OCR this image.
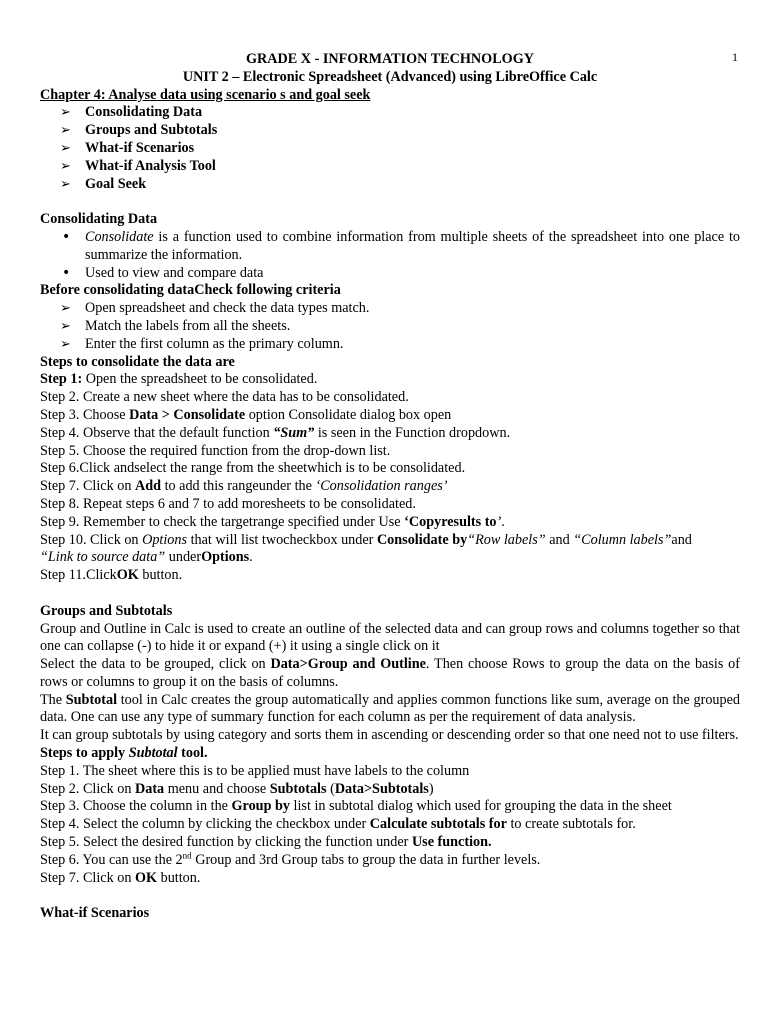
1
GRADE X - INFORMATION TECHNOLOGY
UNIT 2 – Electronic Spreadsheet (Advanced) using LibreOffice Calc
Chapter 4: Analyse data using scenario s and goal seek
➢ Consolidating Data
➢ Groups and Subtotals
➢ What-if Scenarios
➢ What-if Analysis Tool
➢ Goal Seek
Consolidating Data
• Consolidate is a function used to combine information from multiple sheets of the spreadsheet into one place to summarize the information.
• Used to view and compare data
Before consolidating dataCheck following criteria
➢ Open spreadsheet and check the data types match.
➢ Match the labels from all the sheets.
➢ Enter the first column as the primary column.
Steps to consolidate the data are

Step 1: Open the spreadsheet to be consolidated.

Step 2. Create a new sheet where the data has to be consolidated.

Step 3. Choose Data > Consolidate option Consolidate dialog box open

Step 4. Observe that the default function “Sum” is seen in the Function dropdown.

Step 5. Choose the required function from the drop-down list.

Step 6.Click andselect the range from the sheetwhich is to be consolidated.

Step 7. Click on Add to add this rangeunder the ‘Consolidation ranges’

Step 8. Repeat steps 6 and 7 to add moresheets to be consolidated.

Step 9. Remember to check the targetrange specified under Use ‘Copyresults to’.

Step 10. Click on Options that will list twocheckbox under Consolidate by“Row labels” and “Column labels”and
“Link to source data” underOptions.

Step 11.ClickOK button.

Groups and Subtotals

Group and Outline in Calc is used to create an outline of the selected data and can group rows and columns together so that one can collapse (-) to hide it or expand (+) it using a single click on it

Select the data to be grouped, click on Data>Group and Outline. Then choose Rows to group the data on the basis of rows or columns to group it on the basis of columns.

The Subtotal tool in Calc creates the group automatically and applies common functions like sum, average on the grouped data. One can use any type of summary function for each column as per the requirement of data analysis.

It can group subtotals by using category and sorts them in ascending or descending order so that one need not to use filters.

Steps to apply Subtotal tool.

Step 1. The sheet where this is to be applied must have labels to the column

Step 2. Click on Data menu and choose Subtotals (Data>Subtotals)

Step 3. Choose the column in the Group by list in subtotal dialog which used for grouping the data in the sheet

Step 4. Select the column by clicking the checkbox under Calculate subtotals for to create subtotals for.

Step 5. Select the desired function by clicking the function under Use function.

Step 6. You can use the 2nd Group and 3rd Group tabs to group the data in further levels.

Step 7. Click on OK button.

What-if Scenarios
